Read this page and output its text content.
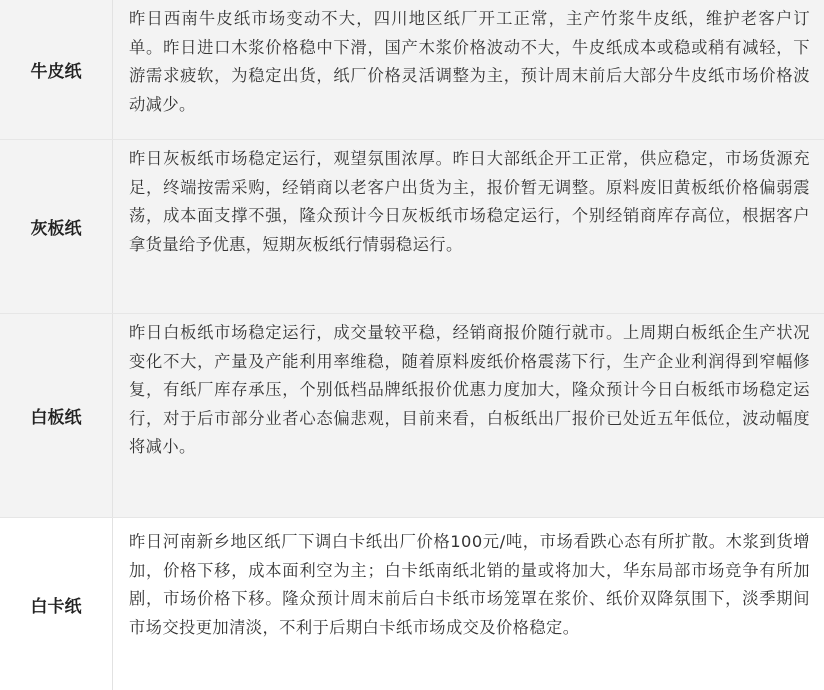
牛皮纸
昨日西南牛皮纸市场变动不大，四川地区纸厂开工正常，主产竹浆牛皮纸，维护老客户订单。昨日进口木浆价格稳中下滑，国产木浆价格波动不大，牛皮纸成本或稳或稍有减轻，下游需求疲软，为稳定出货，纸厂价格灵活调整为主，预计周末前后大部分牛皮纸市场价格波动减少。
灰板纸
昨日灰板纸市场稳定运行，观望氛围浓厚。昨日大部纸企开工正常，供应稳定，市场货源充足，终端按需采购，经销商以老客户出货为主，报价暂无调整。原料废旧黄板纸价格偏弱震荡，成本面支撑不强，隆众预计今日灰板纸市场稳定运行，个别经销商库存高位，根据客户拿货量给予优惠，短期灰板纸行情弱稳运行。
白板纸
昨日白板纸市场稳定运行，成交量较平稳，经销商报价随行就市。上周期白板纸企生产状况变化不大，产量及产能利用率维稳，随着原料废纸价格震荡下行，生产企业利润得到窄幅修复，有纸厂库存承压，个别低档品牌纸报价优惠力度加大，隆众预计今日白板纸市场稳定运行，对于后市部分业者心态偏悲观，目前来看，白板纸出厂报价已处近五年低位，波动幅度将减小。
白卡纸
昨日河南新乡地区纸厂下调白卡纸出厂价格100元/吨，市场看跌心态有所扩散。木浆到货增加，价格下移，成本面利空为主；白卡纸南纸北销的量或将加大，华东局部市场竞争有所加剧，市场价格下移。隆众预计周末前后白卡纸市场笼罩在浆价、纸价双降氛围下，淡季期间市场交投更加清淡，不利于后期白卡纸市场成交及价格稳定。
